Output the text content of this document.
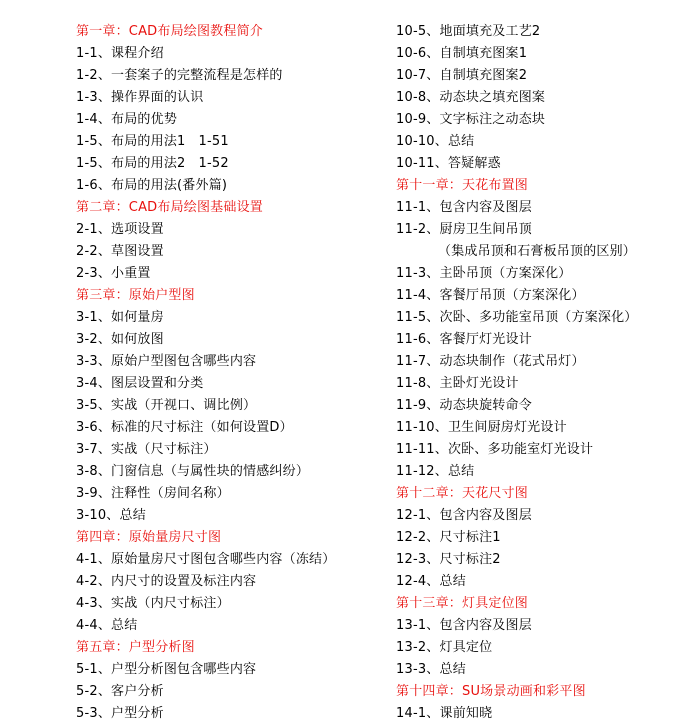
第一章：CAD布局绘图教程简介
1-1、课程介绍
1-2、一套案子的完整流程是怎样的
1-3、操作界面的认识
1-4、布局的优势
1-5、布局的用法1   1-51
1-5、布局的用法2   1-52
1-6、布局的用法(番外篇)
第二章：CAD布局绘图基础设置
2-1、选项设置
2-2、草图设置
2-3、小重置
第三章：原始户型图
3-1、如何量房
3-2、如何放图
3-3、原始户型图包含哪些内容
3-4、图层设置和分类
3-5、实战（开视口、调比例）
3-6、标准的尺寸标注（如何设置D）
3-7、实战（尺寸标注）
3-8、门窗信息（与属性块的情感纠纷）
3-9、注释性（房间名称）
3-10、总结
第四章：原始量房尺寸图
4-1、原始量房尺寸图包含哪些内容（冻结）
4-2、内尺寸的设置及标注内容
4-3、实战（内尺寸标注）
4-4、总结
第五章：户型分析图
5-1、户型分析图包含哪些内容
5-2、客户分析
5-3、户型分析
10-5、地面填充及工艺2
10-6、自制填充图案1
10-7、自制填充图案2
10-8、动态块之填充图案
10-9、文字标注之动态块
10-10、总结
10-11、答疑解惑
第十一章：天花布置图
11-1、包含内容及图层
11-2、厨房卫生间吊顶
（集成吊顶和石膏板吊顶的区别）
11-3、主卧吊顶（方案深化）
11-4、客餐厅吊顶（方案深化）
11-5、次卧、多功能室吊顶（方案深化）
11-6、客餐厅灯光设计
11-7、动态块制作（花式吊灯）
11-8、主卧灯光设计
11-9、动态块旋转命令
11-10、卫生间厨房灯光设计
11-11、次卧、多功能室灯光设计
11-12、总结
第十二章：天花尺寸图
12-1、包含内容及图层
12-2、尺寸标注1
12-3、尺寸标注2
12-4、总结
第十三章：灯具定位图
13-1、包含内容及图层
13-2、灯具定位
13-3、总结
第十四章：SU场景动画和彩平图
14-1、课前知晓
